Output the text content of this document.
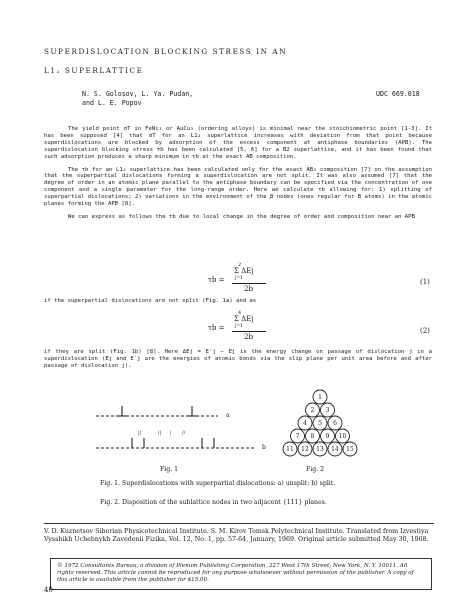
SUPERDISLOCATION BLOCKING STRESS IN AN
L1₂ SUPERLATTICE
N. S. Golosov, L. Ya. Pudan,
and L. E. Popov
UDC 669.018

The yield point σT in FeNi₃ or AuCu₃ (ordering alloys) is minimal near the stoichiometric point [1-3]. It has been supposed [4] that σT for an L1₂ superlattice increases with deviation from that point because superdislocations are blocked by adsorption of the excess component at antiphase boundaries (APB). The superdislocation blocking stress τb has been calculated [5, 6] for a B2 superlattice, and it has been found that such adsorption produces a sharp minimum in τb at the exact AB composition.

The τb for an L1₂ superlattice has been calculated only for the exact AB₃ composition [7] on the assumption that the superpartial dislocations forming a superdislocation are not split. It was also assumed [7] that the degree of order in an atomic plane parallel to the antiphase boundary can be specified via the concentration of one component and a single parameter for the long-range order. Here we calculate τb allowing for: 1) splitting of superpartial dislocations; 2) variations in the environment of the β nodes (ones regular for B atoms) in the atomic planes forming the APB [8].

We can express as follows the τb due to local change in the degree of order and composition near an APB

τb =
2
Σ ΔEj
j=1
2b
(1)
if the superpartial dislocations are not split (Fig. 1a) and as
τb =
4
Σ ΔEj
j=1
2b
(2)
if they are split (Fig. 1b) [8]. Here ΔEj = E′j − Ej is the energy change on passage of dislocation j in a superdislocation (Ej and E′j are the energies of atomic bonds via the slip plane per unit area before and after passage of dislocation j).
||	|| | //
a
b
Fig. 1
1
2 3
4 5 6
7 8 9 10
11 12 13 14 15
Fig. 2
Fig. 1. Superdislocations with superpartial dislocations: a) unsplit; b) split.
Fig. 2. Disposition of the sublattice nodes in two adjacent {111} planes.
V. D. Kuznetsov Siberian Physicotechnical Institute. S. M. Kirov Tomsk Polytechnical Institute. Translated from Izvestiya Vysshikh Uchebnykh Zavedenii Fizika, Vol. 12, No. 1, pp. 57-64, January, 1969. Original article submitted May 30, 1968.
© 1972 Consultants Bureau, a division of Plenum Publishing Corporation, 227 West 17th Street, New York, N. Y. 10011. All rights reserved. This article cannot be reproduced for any purpose whatsoever without permission of the publisher. A copy of this article is available from the publisher for $15.00.
40
